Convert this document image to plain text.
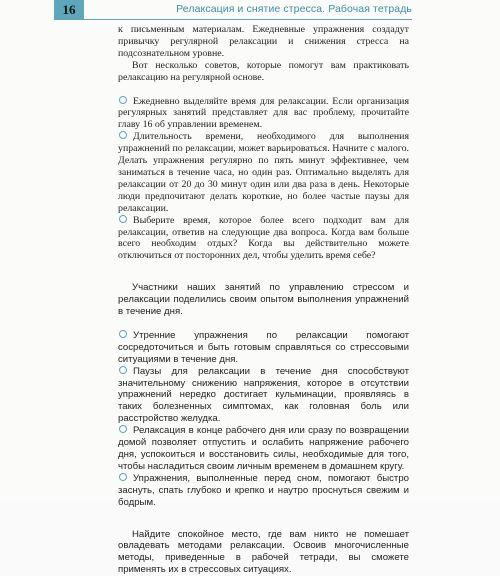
16	Релаксация и снятие стресса. Рабочая тетрадь

к письменным материалам. Ежедневные упражнения создадут привычку регулярной релаксации и снижения стресса на подсознательном уровне.

Вот несколько советов, которые помогут вам практиковать релаксацию на регулярной основе.

Ежедневно выделяйте время для релаксации. Если организация регулярных занятий представляет для вас проблему, прочитайте главу 16 об управлении временем.

Длительность времени, необходимого для выполнения упражнений по релаксации, может варьироваться. Начните с малого. Делать упражнения регулярно по пять минут эффективнее, чем заниматься в течение часа, но один раз. Оптимально выделять для релаксации от 20 до 30 минут один или два раза в день. Некоторые люди предпочитают делать короткие, но более частые паузы для релаксации.

Выберите время, которое более всего подходит вам для релаксации, ответив на следующие два вопроса. Когда вам больше всего необходим отдых? Когда вы действительно можете отключиться от посторонних дел, чтобы уделить время себе?

Участники наших занятий по управлению стрессом и релаксации поделились своим опытом выполнения упражнений в течение дня.

Утренние упражнения по релаксации помогают сосредоточиться и быть готовым справляться со стрессовыми ситуациями в течение дня.

Паузы для релаксации в течение дня способствуют значительному снижению напряжения, которое в отсутствии упражнений нередко достигает кульминации, проявляясь в таких болезненных симптомах, как головная боль или расстройство желудка.

Релаксация в конце рабочего дня или сразу по возвращении домой позволяет отпустить и ослабить напряжение рабочего дня, успокоиться и восстановить силы, необходимые для того, чтобы насладиться своим личным временем в домашнем кругу.

Упражнения, выполненные перед сном, помогают быстро заснуть, спать глубоко и крепко и наутро проснуться свежим и бодрым.

Найдите спокойное место, где вам никто не помешает овладевать методами релаксации. Освоив многочисленные методы, приведенные в рабочей тетради, вы сможете применять их в стрессовых ситуациях.
